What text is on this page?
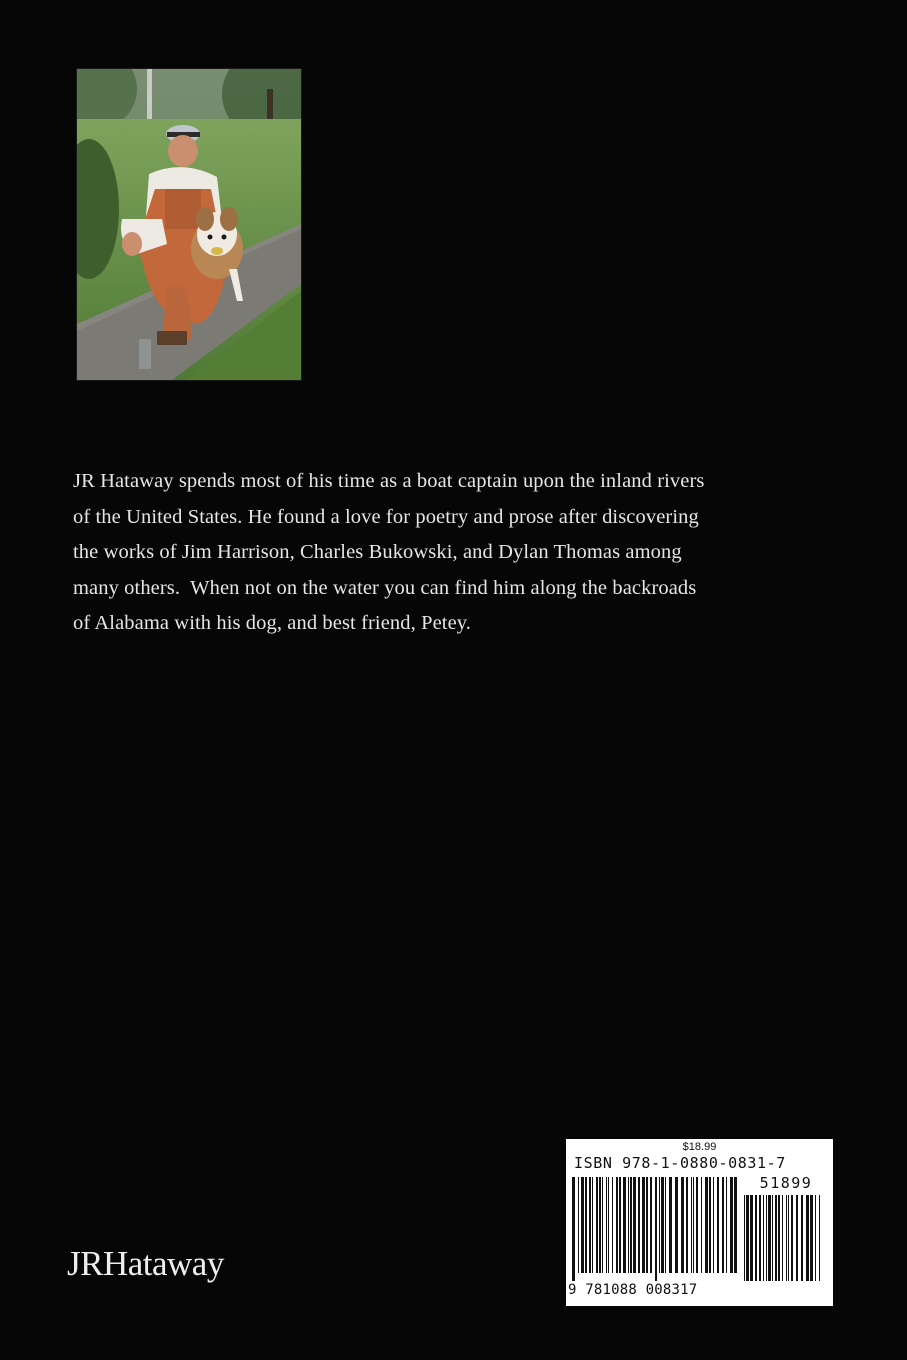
JR Hataway spends most of his time as a boat captain upon the inland rivers
of the United States. He found a love for poetry and prose after discovering
the works of Jim Harrison, Charles Bukowski, and Dylan Thomas among
many others.  When not on the water you can find him along the backroads
of Alabama with his dog, and best friend, Petey.

JRHataway
$18.99
ISBN 978-1-0880-0831-7
51899
9 781088 008317
